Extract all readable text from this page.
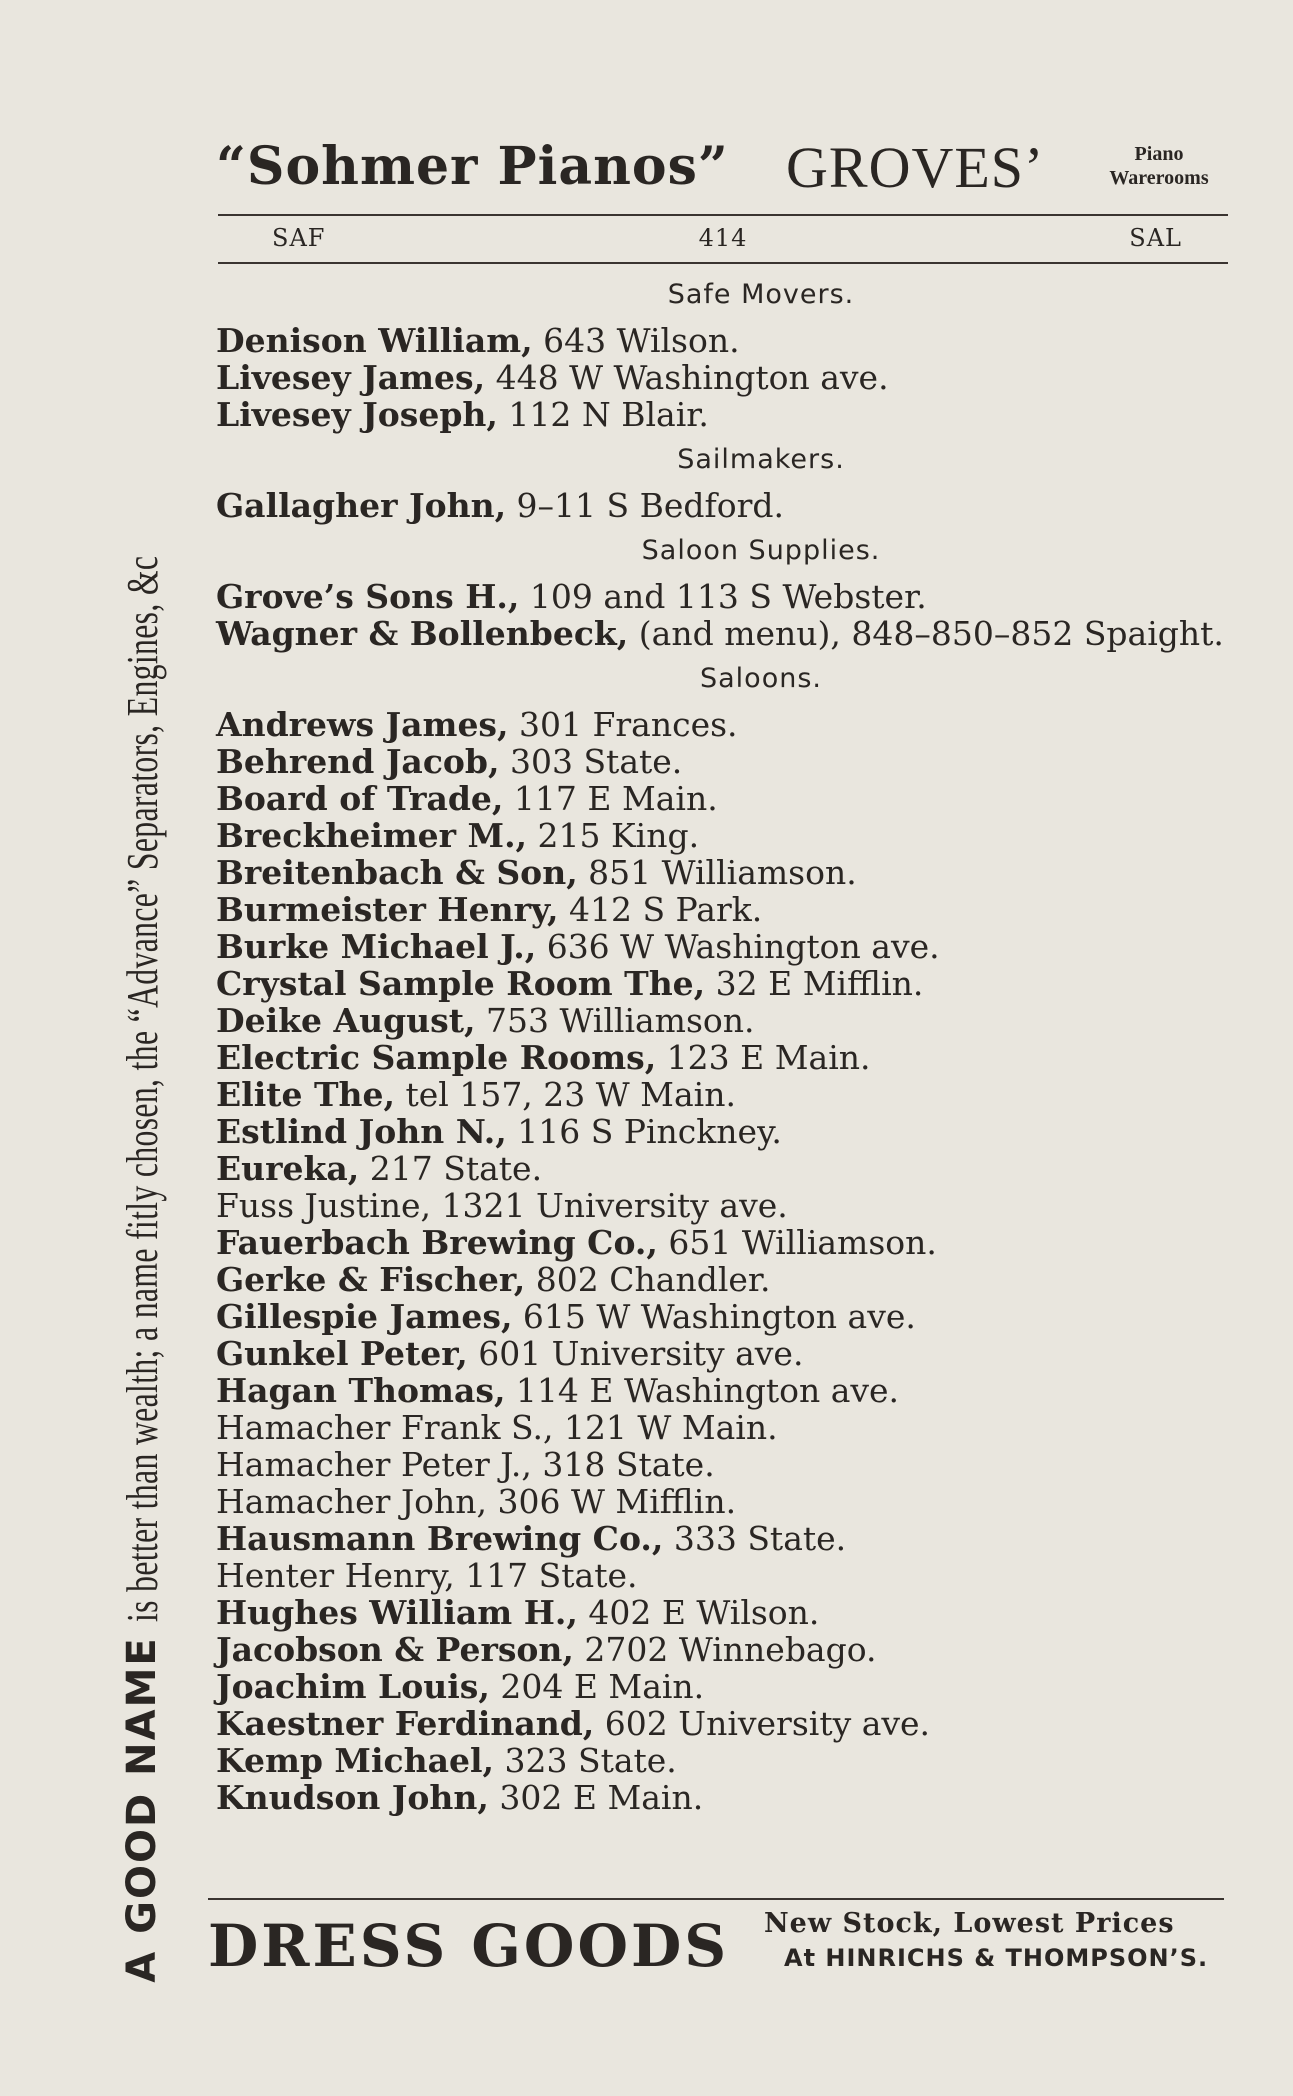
A GOOD NAME
is better than wealth; a name fitly chosen, the “Advance” Separators, Engines, &c
“Sohmer Pianos” GROVES’	Piano
Warerooms
SAF	414	SAL
Safe Movers.
Denison William, 643 Wilson.
Livesey James, 448 W Washington ave.
Livesey Joseph, 112 N Blair.
Sailmakers.
Gallagher John, 9–11 S Bedford.
Saloon Supplies.
Grove’s Sons H., 109 and 113 S Webster.
Wagner & Bollenbeck, (and menu), 848–850–852 Spaight.
Saloons.
Andrews James, 301 Frances.
Behrend Jacob, 303 State.
Board of Trade, 117 E Main.
Breckheimer M., 215 King.
Breitenbach & Son, 851 Williamson.
Burmeister Henry, 412 S Park.
Burke Michael J., 636 W Washington ave.
Crystal Sample Room The, 32 E Mifflin.
Deike August, 753 Williamson.
Electric Sample Rooms, 123 E Main.
Elite The, tel 157, 23 W Main.
Estlind John N., 116 S Pinckney.
Eureka, 217 State.
Fuss Justine, 1321 University ave.
Fauerbach Brewing Co., 651 Williamson.
Gerke & Fischer, 802 Chandler.
Gillespie James, 615 W Washington ave.
Gunkel Peter, 601 University ave.
Hagan Thomas, 114 E Washington ave.
Hamacher Frank S., 121 W Main.
Hamacher Peter J., 318 State.
Hamacher John, 306 W Mifflin.
Hausmann Brewing Co., 333 State.
Henter Henry, 117 State.
Hughes William H., 402 E Wilson.
Jacobson & Person, 2702 Winnebago.
Joachim Louis, 204 E Main.
Kaestner Ferdinand, 602 University ave.
Kemp Michael, 323 State.
Knudson John, 302 E Main.
DRESS GOODS New Stock, Lowest Prices
At HINRICHS & THOMPSON’S.
